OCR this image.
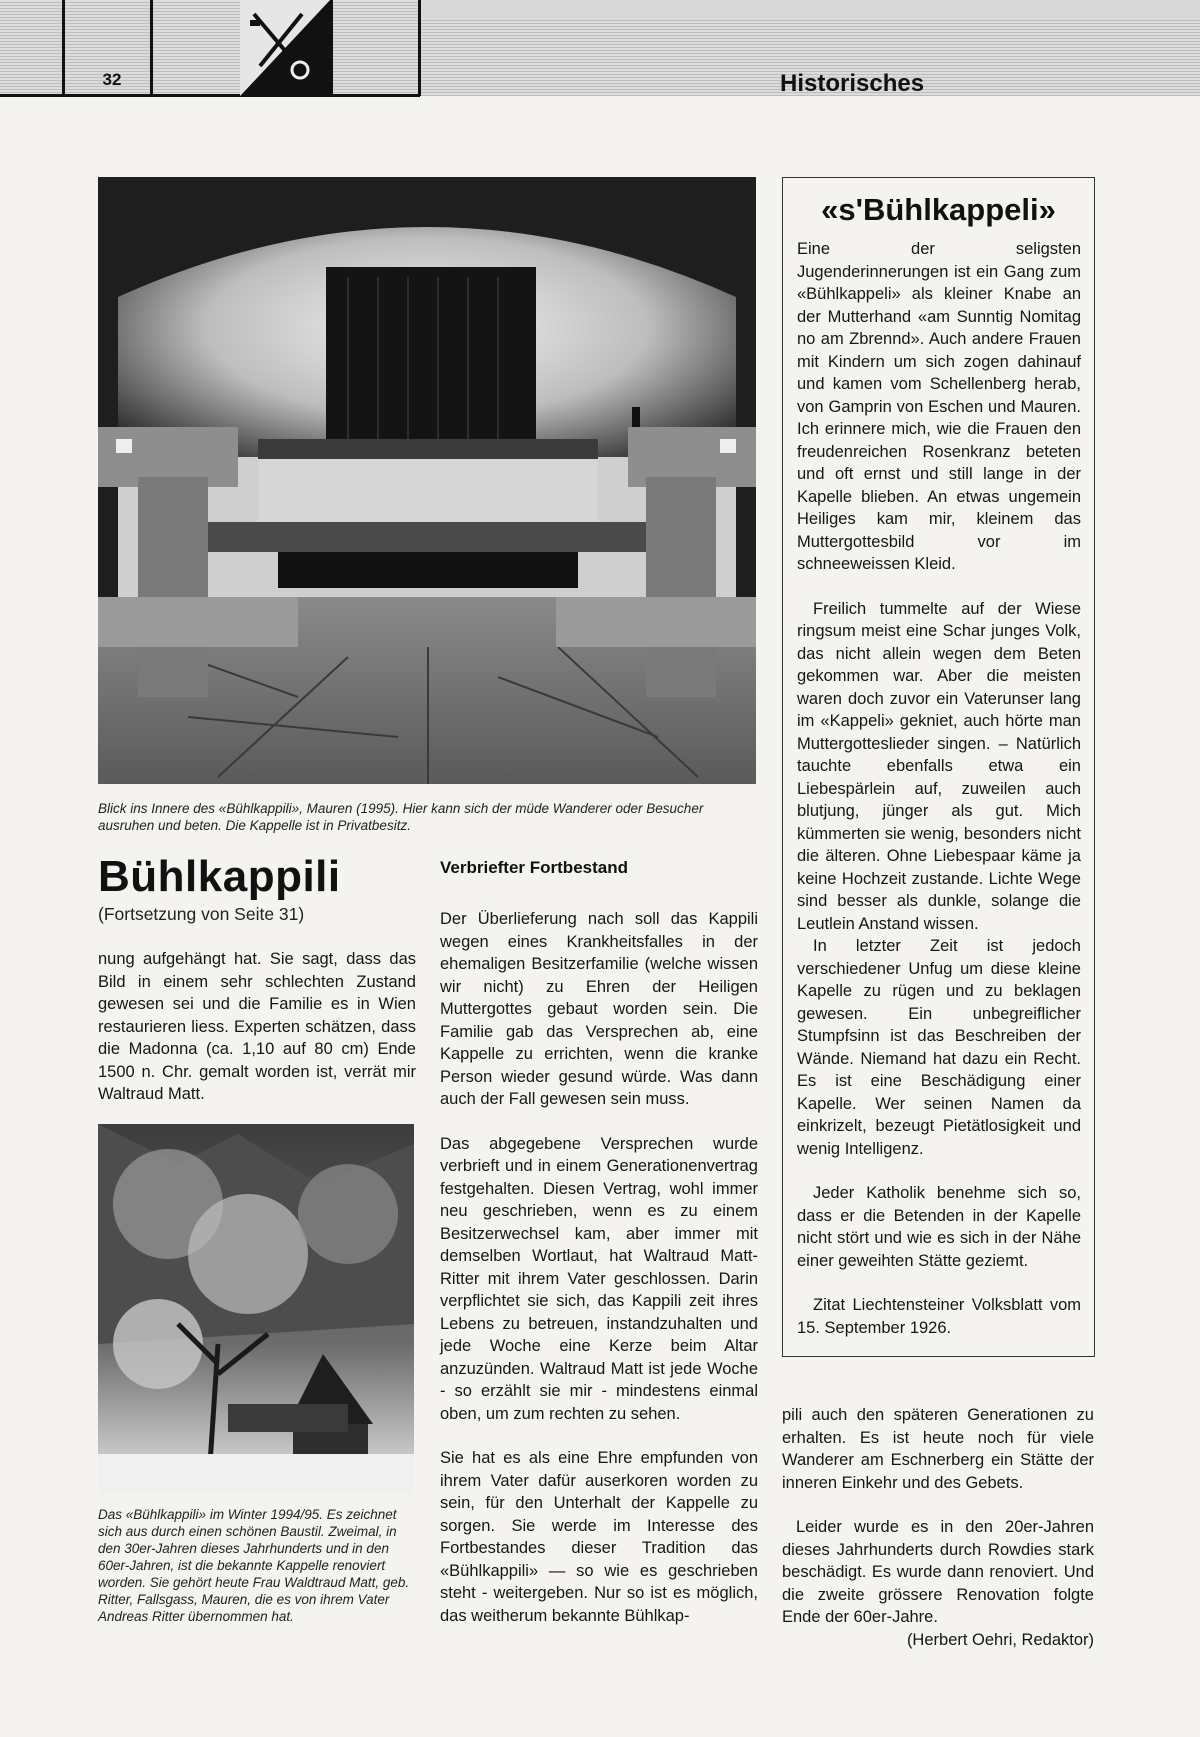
32	Historisches
Blick ins Innere des «Bühlkappili», Mauren (1995). Hier kann sich der müde Wanderer oder Besucher ausruhen und beten. Die Kappelle ist in Privatbesitz.
Bühlkappili
(Fortsetzung von Seite 31)

nung aufgehängt hat. Sie sagt, dass das Bild in einem sehr schlechten Zustand gewesen sei und die Familie es in Wien restaurieren liess. Experten schätzen, dass die Madonna (ca. 1,10 auf 80 cm) Ende 1500 n. Chr. gemalt worden ist, verrät mir Waltraud Matt.

Das «Bühlkappili» im Winter 1994/95. Es zeichnet sich aus durch einen schönen Baustil. Zweimal, in den 30er-Jahren dieses Jahrhunderts und in den 60er-Jahren, ist die bekannte Kappelle renoviert worden. Sie gehört heute Frau Waldtraud Matt, geb. Ritter, Fallsgass, Mauren, die es von ihrem Vater Andreas Ritter übernommen hat.
Verbriefter Fortbestand

Der Überlieferung nach soll das Kappili wegen eines Krankheitsfalles in der ehemaligen Besitzerfamilie (welche wissen wir nicht) zu Ehren der Heiligen Muttergottes gebaut worden sein. Die Familie gab das Versprechen ab, eine Kappelle zu errichten, wenn die kranke Person wieder gesund würde. Was dann auch der Fall gewesen sein muss.

Das abgegebene Versprechen wurde verbrieft und in einem Generationenvertrag festgehalten. Diesen Vertrag, wohl immer neu geschrieben, wenn es zu einem Besitzerwechsel kam, aber immer mit demselben Wortlaut, hat Waltraud Matt-Ritter mit ihrem Vater geschlossen. Darin verpflichtet sie sich, das Kappili zeit ihres Lebens zu betreuen, instandzuhalten und jede Woche eine Kerze beim Altar anzuzünden. Waltraud Matt ist jede Woche - so erzählt sie mir - mindestens einmal oben, um zum rechten zu sehen.

Sie hat es als eine Ehre empfunden von ihrem Vater dafür auserkoren worden zu sein, für den Unterhalt der Kappelle zu sorgen. Sie werde im Interesse des Fortbestandes dieser Tradition das «Bühlkappili» — so wie es geschrieben steht - weitergeben. Nur so ist es möglich, das weitherum bekannte Bühlkap-

«s'Bühlkappeli»

Eine der seligsten Jugenderinnerungen ist ein Gang zum «Bühlkappeli» als kleiner Knabe an der Mutterhand «am Sunntig Nomitag no am Zbrennd». Auch andere Frauen mit Kindern um sich zogen dahinauf und kamen vom Schellenberg herab, von Gamprin von Eschen und Mauren. Ich erinnere mich, wie die Frauen den freudenreichen Rosenkranz beteten und oft ernst und still lange in der Kapelle blieben. An etwas ungemein Heiliges kam mir, kleinem das Muttergottesbild vor im schneeweissen Kleid.

Freilich tummelte auf der Wiese ringsum meist eine Schar junges Volk, das nicht allein wegen dem Beten gekommen war. Aber die meisten waren doch zuvor ein Vaterunser lang im «Kappeli» gekniet, auch hörte man Muttergotteslieder singen. – Natürlich tauchte ebenfalls etwa ein Liebespärlein auf, zuweilen auch blutjung, jünger als gut. Mich kümmerten sie wenig, besonders nicht die älteren. Ohne Liebespaar käme ja keine Hochzeit zustande. Lichte Wege sind besser als dunkle, solange die Leutlein Anstand wissen.

In letzter Zeit ist jedoch verschiedener Unfug um diese kleine Kapelle zu rügen und zu beklagen gewesen. Ein unbegreiflicher Stumpfsinn ist das Beschreiben der Wände. Niemand hat dazu ein Recht. Es ist eine Beschädigung einer Kapelle. Wer seinen Namen da einkrizelt, bezeugt Pietätlosigkeit und wenig Intelligenz.

Jeder Katholik benehme sich so, dass er die Betenden in der Kapelle nicht stört und wie es sich in der Nähe einer geweihten Stätte geziemt.

Zitat Liechtensteiner Volksblatt vom 15. September 1926.

pili auch den späteren Generationen zu erhalten. Es ist heute noch für viele Wanderer am Eschnerberg ein Stätte der inneren Einkehr und des Gebets.

Leider wurde es in den 20er-Jahren dieses Jahrhunderts durch Rowdies stark beschädigt. Es wurde dann renoviert. Und die zweite grössere Renovation folgte Ende der 60er-Jahre.

(Herbert Oehri, Redaktor)
